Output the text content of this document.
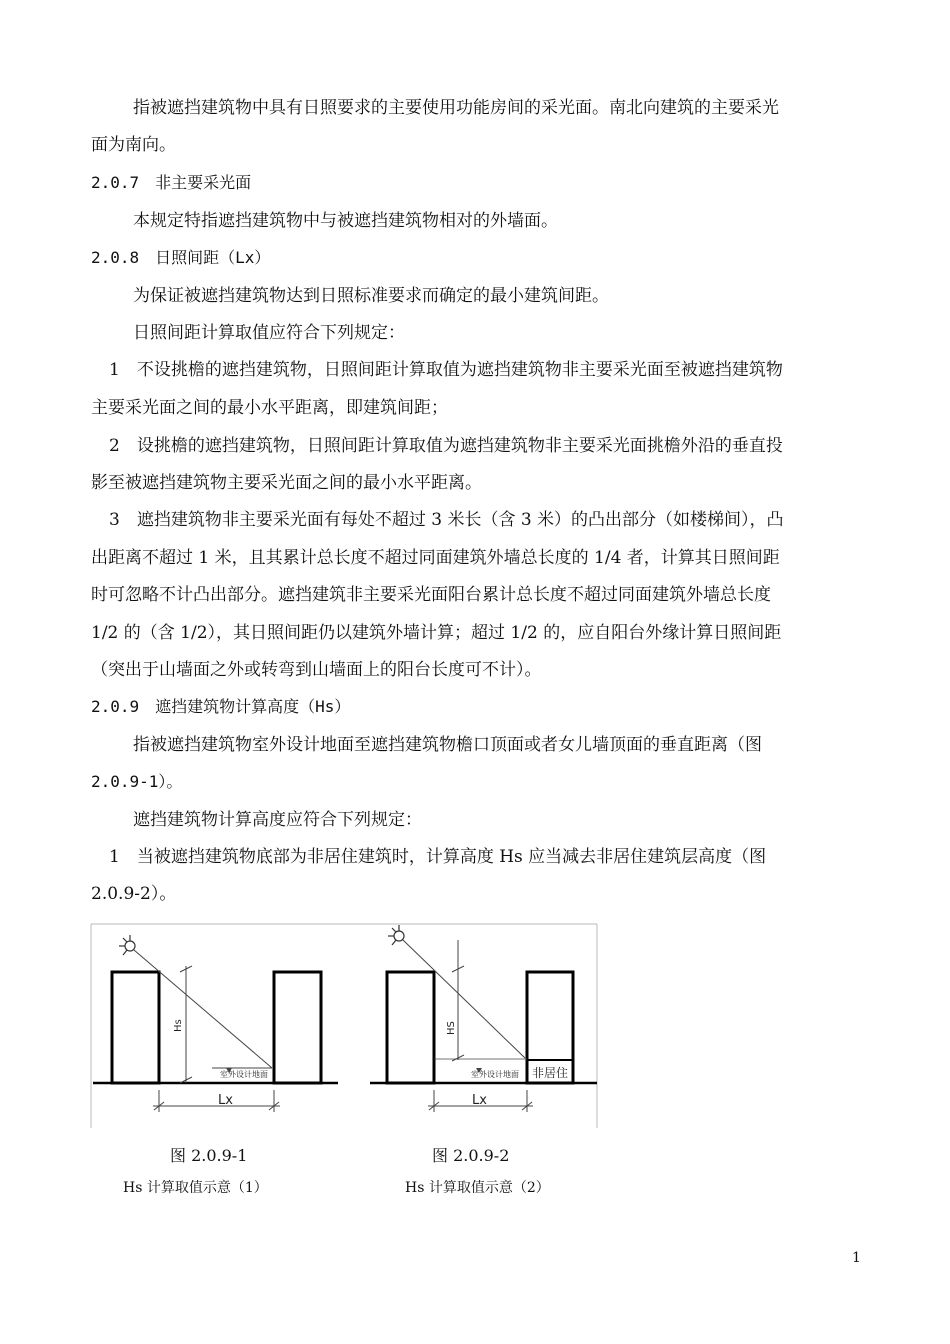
指被遮挡建筑物中具有日照要求的主要使用功能房间的采光面。南北向建筑的主要采光
面为南向。
2.0.7　非主要采光面
本规定特指遮挡建筑物中与被遮挡建筑物相对的外墙面。
2.0.8　日照间距（Lx）
为保证被遮挡建筑物达到日照标准要求而确定的最小建筑间距。
日照间距计算取值应符合下列规定：
1　不设挑檐的遮挡建筑物，日照间距计算取值为遮挡建筑物非主要采光面至被遮挡建筑物
主要采光面之间的最小水平距离，即建筑间距；
2　设挑檐的遮挡建筑物，日照间距计算取值为遮挡建筑物非主要采光面挑檐外沿的垂直投
影至被遮挡建筑物主要采光面之间的最小水平距离。
3　遮挡建筑物非主要采光面有每处不超过 3 米长（含 3 米）的凸出部分（如楼梯间），凸
出距离不超过 1 米，且其累计总长度不超过同面建筑外墙总长度的 1/4 者，计算其日照间距
时可忽略不计凸出部分。遮挡建筑非主要采光面阳台累计总长度不超过同面建筑外墙总长度
1/2 的（含 1/2），其日照间距仍以建筑外墙计算；超过 1/2 的，应自阳台外缘计算日照间距
（突出于山墙面之外或转弯到山墙面上的阳台长度可不计）。
2.0.9　遮挡建筑物计算高度（Hs）
指被遮挡建筑物室外设计地面至遮挡建筑物檐口顶面或者女儿墙顶面的垂直距离（图
2.0.9-1）。
遮挡建筑物计算高度应符合下列规定：
1　当被遮挡建筑物底部为非居住建筑时，计算高度 Hs 应当减去非居住建筑层高度（图
2.0.9-2）。
Hs
室外设计地面
Lx
非居住
HS
室外设计地面
Lx
图 2.0.9-1
Hs 计算取值示意（1）
图 2.0.9-2
Hs 计算取值示意（2）
1
